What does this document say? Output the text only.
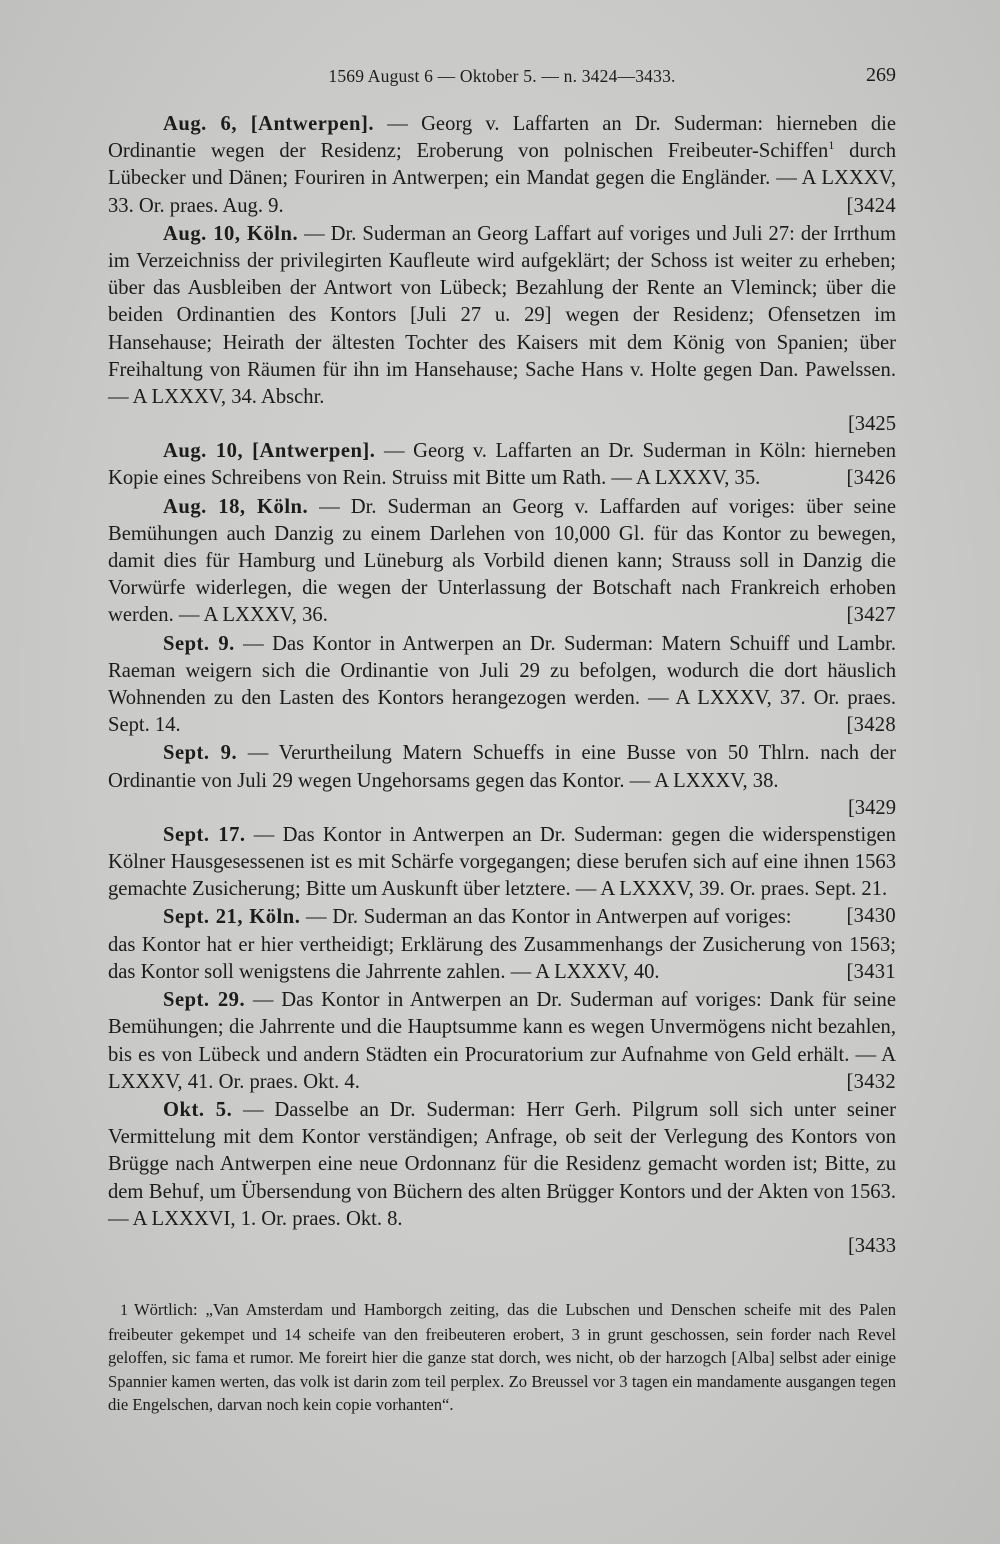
1569 August 6 — Oktober 5. — n. 3424—3433.	269

Aug. 6, [Antwerpen]. — Georg v. Laffarten an Dr. Suderman: hierneben die Ordinantie wegen der Residenz; Eroberung von polnischen Freibeuter-Schiffen$^1$ durch Lübecker und Dänen; Fouriren in Antwerpen; ein Mandat gegen die Engländer. — A LXXXV, 33. Or. praes. Aug. 9.	[3424

Aug. 10, Köln. — Dr. Suderman an Georg Laffart auf voriges und Juli 27: der Irrthum im Verzeichniss der privilegirten Kaufleute wird aufgeklärt; der Schoss ist weiter zu erheben; über das Ausbleiben der Antwort von Lübeck; Bezahlung der Rente an Vleminck; über die beiden Ordinantien des Kontors [Juli 27 u. 29] wegen der Residenz; Ofensetzen im Hansehause; Heirath der ältesten Tochter des Kaisers mit dem König von Spanien; über Freihaltung von Räumen für ihn im Hansehause; Sache Hans v. Holte gegen Dan. Pawelssen. — A LXXXV, 34. Abschr.

[3425

Aug. 10, [Antwerpen]. — Georg v. Laffarten an Dr. Suderman in Köln: hierneben Kopie eines Schreibens von Rein. Struiss mit Bitte um Rath. — A LXXXV, 35.	[3426

Aug. 18, Köln. — Dr. Suderman an Georg v. Laffarden auf voriges: über seine Bemühungen auch Danzig zu einem Darlehen von 10,000 Gl. für das Kontor zu bewegen, damit dies für Hamburg und Lüneburg als Vorbild dienen kann; Strauss soll in Danzig die Vorwürfe widerlegen, die wegen der Unterlassung der Botschaft nach Frankreich erhoben werden. — A LXXXV, 36.	[3427

Sept. 9. — Das Kontor in Antwerpen an Dr. Suderman: Matern Schuiff und Lambr. Raeman weigern sich die Ordinantie von Juli 29 zu befolgen, wodurch die dort häuslich Wohnenden zu den Lasten des Kontors herangezogen werden. — A LXXXV, 37. Or. praes. Sept. 14.	[3428

Sept. 9. — Verurtheilung Matern Schueffs in eine Busse von 50 Thlrn. nach der Ordinantie von Juli 29 wegen Ungehorsams gegen das Kontor. — A LXXXV, 38.

[3429

Sept. 17. — Das Kontor in Antwerpen an Dr. Suderman: gegen die widerspenstigen Kölner Hausgesessenen ist es mit Schärfe vorgegangen; diese berufen sich auf eine ihnen 1563 gemachte Zusicherung; Bitte um Auskunft über letztere. — A LXXXV, 39. Or. praes. Sept. 21.
[3430

Sept. 21, Köln. — Dr. Suderman an das Kontor in Antwerpen auf voriges: das Kontor hat er hier vertheidigt; Erklärung des Zusammenhangs der Zusicherung von 1563; das Kontor soll wenigstens die Jahrrente zahlen. — A LXXXV, 40.	[3431

Sept. 29. — Das Kontor in Antwerpen an Dr. Suderman auf voriges: Dank für seine Bemühungen; die Jahrrente und die Hauptsumme kann es wegen Unvermögens nicht bezahlen, bis es von Lübeck und andern Städten ein Procuratorium zur Aufnahme von Geld erhält. — A LXXXV, 41. Or. praes. Okt. 4.	[3432

Okt. 5. — Dasselbe an Dr. Suderman: Herr Gerh. Pilgrum soll sich unter seiner Vermittelung mit dem Kontor verständigen; Anfrage, ob seit der Verlegung des Kontors von Brügge nach Antwerpen eine neue Ordonnanz für die Residenz gemacht worden ist; Bitte, zu dem Behuf, um Übersendung von Büchern des alten Brügger Kontors und der Akten von 1563. — A LXXXVI, 1. Or. praes. Okt. 8.

[3433
1 Wörtlich: „Van Amsterdam und Hamborgch zeiting, das die Lubschen und Denschen scheife mit des Palen freibeuter gekempet und 14 scheife van den freibeuteren erobert, 3 in grunt geschossen, sein forder nach Revel geloffen, sic fama et rumor. Me foreirt hier die ganze stat dorch, wes nicht, ob der harzogch [Alba] selbst ader einige Spannier kamen werten, das volk ist darin zom teil perplex. Zo Breussel vor 3 tagen ein mandamente ausgangen tegen die Engelschen, darvan noch kein copie vorhanten“.
